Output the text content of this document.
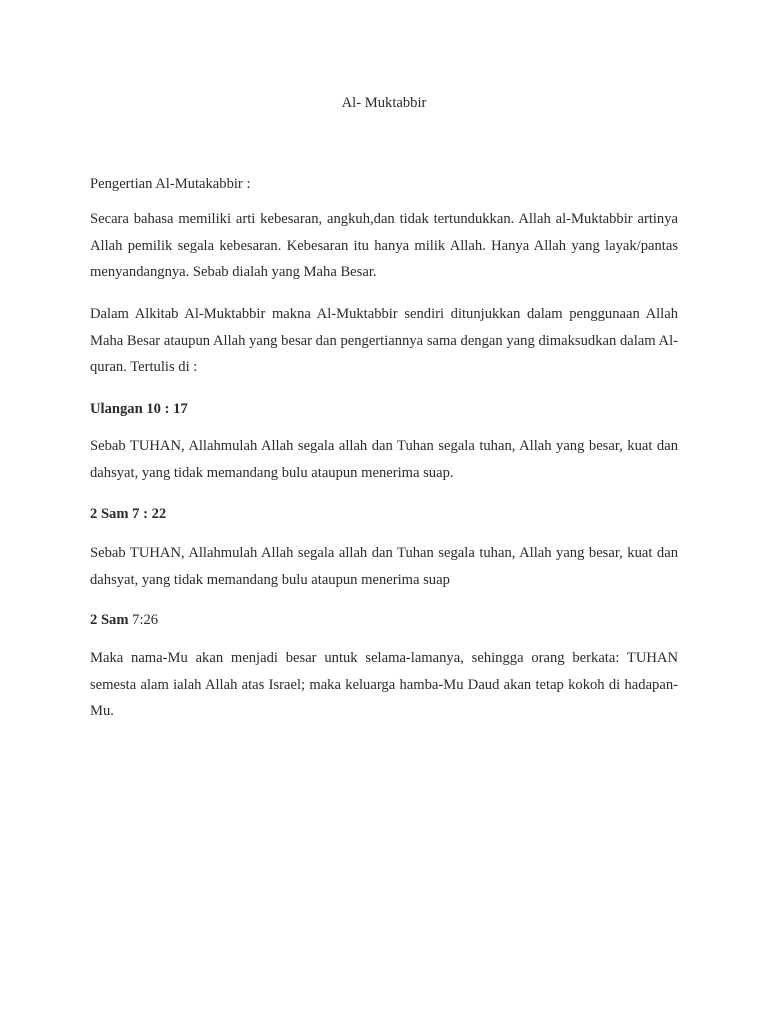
Al- Muktabbir

Pengertian Al-Mutakabbir :

Secara bahasa memiliki arti kebesaran, angkuh,dan tidak tertundukkan. Allah al-Muktabbir artinya Allah pemilik segala kebesaran. Kebesaran itu hanya milik Allah. Hanya Allah yang layak/pantas menyandangnya. Sebab dialah yang Maha Besar.

Dalam Alkitab Al-Muktabbir makna Al-Muktabbir sendiri ditunjukkan dalam penggunaan Allah Maha Besar ataupun Allah yang besar dan pengertiannya sama dengan yang dimaksudkan dalam Al-quran. Tertulis di :

Ulangan 10 : 17

Sebab TUHAN, Allahmulah Allah segala allah dan Tuhan segala tuhan, Allah yang besar, kuat dan dahsyat, yang tidak memandang bulu ataupun menerima suap.

2 Sam 7 : 22

Sebab TUHAN, Allahmulah Allah segala allah dan Tuhan segala tuhan, Allah yang besar, kuat dan dahsyat, yang tidak memandang bulu ataupun menerima suap

2 Sam 7:26

Maka nama-Mu akan menjadi besar untuk selama-lamanya, sehingga orang berkata: TUHAN semesta alam ialah Allah atas Israel; maka keluarga hamba-Mu Daud akan tetap kokoh di hadapan-Mu.
